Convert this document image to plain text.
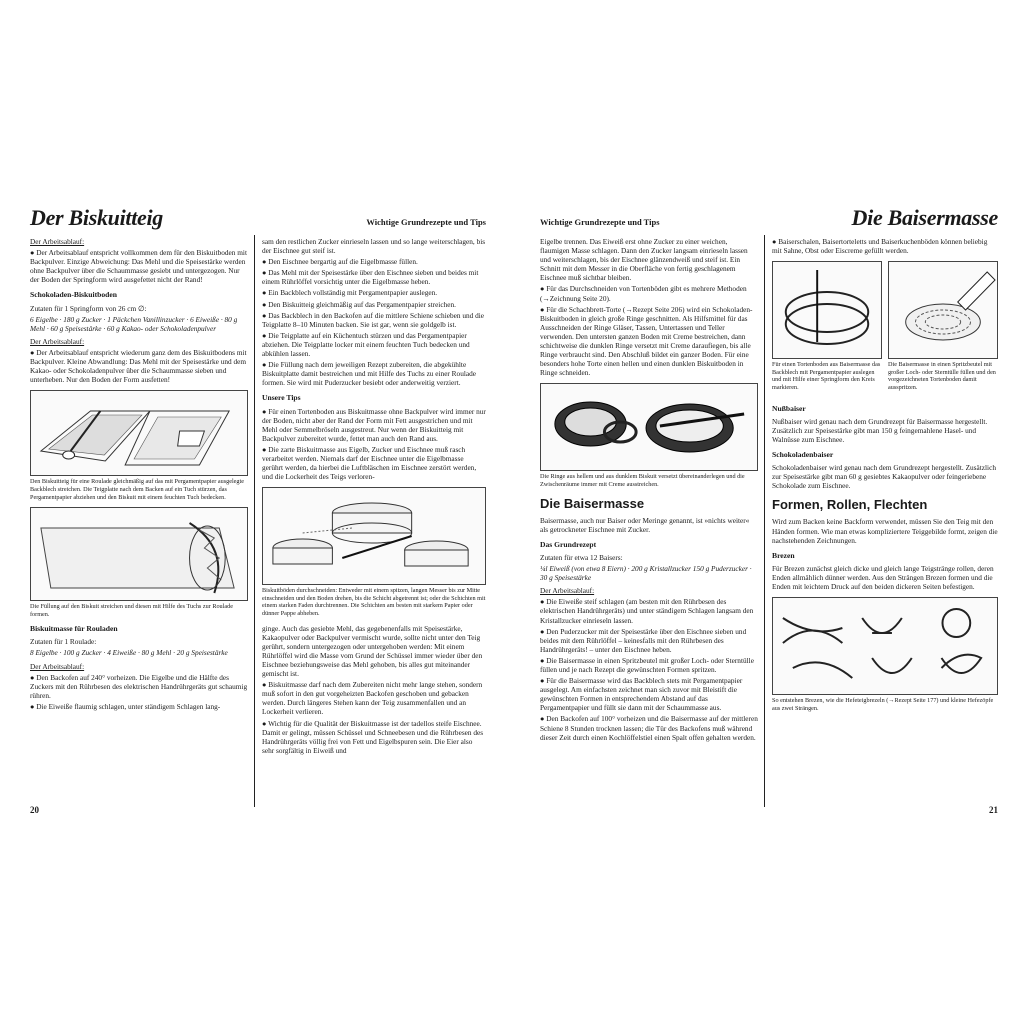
Der Biskuitteig	Wichtige Grundrezepte und Tips

Der Arbeitsablauf:

● Der Arbeitsablauf entspricht vollkommen dem für den Biskuitboden mit Backpulver. Einzige Abweichung: Das Mehl und die Speisestärke werden ohne Backpulver über die Schaummasse gesiebt und untergezogen. Nur der Boden der Springform wird ausgefettet nicht der Rand!

Schokoladen-Biskuitboden

Zutaten für 1 Springform von 26 cm ∅:

6 Eigelbe · 180 g Zucker · 1 Päckchen Vanillinzucker · 6 Eiweiße · 80 g Mehl · 60 g Speisestärke · 60 g Kakao- oder Schokoladenpulver

Der Arbeitsablauf:

● Der Arbeitsablauf entspricht wiederum ganz dem des Biskuitbodens mit Backpulver. Kleine Abwandlung: Das Mehl mit der Speisestärke und dem Kakao- oder Schokoladenpulver über die Schaummasse sieben und unterheben. Nur den Boden der Form ausfetten!

Den Biskuitteig für eine Roulade gleichmäßig auf das mit Pergamentpapier ausgelegte Backblech streichen. Die Teigplatte nach dem Backen auf ein Tuch stürzen, das Pergamentpapier abziehen und den Biskuit mit einem feuchten Tuch bedecken.

Die Füllung auf den Biskuit streichen und diesen mit Hilfe des Tuchs zur Roulade formen.

Biskuitmasse für Rouladen

Zutaten für 1 Roulade:

8 Eigelbe · 100 g Zucker · 4 Eiweiße · 80 g Mehl · 20 g Speisestärke

Der Arbeitsablauf:

● Den Backofen auf 240° vorheizen. Die Eigelbe und die Hälfte des Zuckers mit den Rührbesen des elektrischen Handrührgeräts gut schaumig rühren.

● Die Eiweiße flaumig schlagen, unter ständigem Schlagen lang-

sam den restlichen Zucker einrieseln lassen und so lange weiterschlagen, bis der Eischnee gut steif ist.

● Den Eischnee bergartig auf die Eigelbmasse füllen.

● Das Mehl mit der Speisestärke über den Eischnee sieben und beides mit einem Rührlöffel vorsichtig unter die Eigelbmasse heben.

● Ein Backblech vollständig mit Pergamentpapier auslegen.

● Den Biskuitteig gleichmäßig auf das Pergamentpapier streichen.

● Das Backblech in den Backofen auf die mittlere Schiene schieben und die Teigplatte 8–10 Minuten backen. Sie ist gar, wenn sie goldgelb ist.

● Die Teigplatte auf ein Küchentuch stürzen und das Pergamentpapier abziehen. Die Teigplatte locker mit einem feuchten Tuch bedecken und abkühlen lassen.

● Die Füllung nach dem jeweiligen Rezept zubereiten, die abgekühlte Biskuitplatte damit bestreichen und mit Hilfe des Tuchs zu einer Roulade formen. Sie wird mit Puderzucker besiebt oder anderweitig verziert.

Unsere Tips

● Für einen Tortenboden aus Biskuitmasse ohne Backpulver wird immer nur der Boden, nicht aber der Rand der Form mit Fett ausgestrichen und mit Mehl oder Semmelbröseln ausgestreut. Nur wenn der Biskuitteig mit Backpulver zubereitet wurde, fettet man auch den Rand aus.

● Die zarte Biskuitmasse aus Eigelb, Zucker und Eischnee muß rasch verarbeitet werden. Niemals darf der Eischnee unter die Eigelbmasse gerührt werden, da hierbei die Luftbläschen im Eischnee zerstört werden, und die Lockerheit des Teigs verloren-

Biskuitböden durchschneiden: Entweder mit einem spitzen, langen Messer bis zur Mitte einschneiden und den Boden drehen, bis die Schicht abgetrennt ist; oder die Schichten mit einem starken Faden durchtrennen. Die Schichten am besten mit starkem Papier oder dünner Pappe abheben.

ginge. Auch das gesiebte Mehl, das gegebenenfalls mit Speisestärke, Kakaopulver oder Backpulver vermischt wurde, sollte nicht unter den Teig gerührt, sondern untergezogen oder untergehoben werden: Mit einem Rührlöffel wird die Masse vom Grund der Schüssel immer wieder über den Eischnee beziehungsweise das Mehl gehoben, bis alles gut miteinander gemischt ist.

● Biskuitmasse darf nach dem Zubereiten nicht mehr lange stehen, sondern muß sofort in den gut vorgeheizten Backofen geschoben und gebacken werden. Durch längeres Stehen kann der Teig zusammenfallen und an Lockerheit verlieren.

● Wichtig für die Qualität der Biskuitmasse ist der tadellos steife Eischnee. Damit er gelingt, müssen Schüssel und Schneebesen und die Rührbesen des Handrührgeräts völlig frei von Fett und Eigelbspuren sein. Die Eier also sehr sorgfältig in Eiweiß und

20
Wichtige Grundrezepte und Tips	Die Baisermasse

Eigelbe trennen. Das Eiweiß erst ohne Zucker zu einer weichen, flaumigen Masse schlagen. Dann den Zucker langsam einrieseln lassen und weiterschlagen, bis der Eischnee glänzendweiß und steif ist. Ein Schnitt mit dem Messer in die Oberfläche von fertig geschlagenem Eischnee muß sichtbar bleiben.

● Für das Durchschneiden von Tortenböden gibt es mehrere Methoden (→Zeichnung Seite 20).

● Für die Schachbrett-Torte (→Rezept Seite 206) wird ein Schokoladen-Biskuitboden in gleich große Ringe geschnitten. Als Hilfsmittel für das Ausschneiden der Ringe Gläser, Tassen, Untertassen und Teller verwenden. Den untersten ganzen Boden mit Creme bestreichen, dann schichtweise die dunklen Ringe versetzt mit Creme daraufiegen, bis alle Ringe verbraucht sind. Den Abschluß bildet ein ganzer Boden. Für eine besonders hohe Torte einen hellen und einen dunklen Biskuitboden in Ringe schneiden.

Die Ringe aus hellem und aus dunklem Biskuit versetzt übereinanderlegen und die Zwischenräume immer mit Creme ausstreichen.

Die Baisermasse

Baisermasse, auch nur Baiser oder Meringe genannt, ist »nichts weiter« als getrockneter Eischnee mit Zucker.

Das Grundrezept

Zutaten für etwa 12 Baisers:

¼l Eiweiß (von etwa 8 Eiern) · 200 g Kristallzucker 150 g Puderzucker · 30 g Speisestärke

Der Arbeitsablauf:

● Die Eiweiße steif schlagen (am besten mit den Rührbesen des elektrischen Handrührgeräts) und unter ständigem Schlagen langsam den Kristallzucker einrieseln lassen.

● Den Puderzucker mit der Speisestärke über den Eischnee sieben und beides mit dem Rührlöffel – keinesfalls mit den Rührbesen des Handrührgeräts! – unter den Eischnee heben.

● Die Baisermasse in einen Spritzbeutel mit großer Loch- oder Sterntülle füllen und je nach Rezept die gewünschten Formen spritzen.

● Für die Baisermasse wird das Backblech stets mit Pergamentpapier ausgelegt. Am einfachsten zeichnet man sich zuvor mit Bleistift die gewünschten Formen in entsprechendem Abstand auf das Pergamentpapier und füllt sie dann mit der Schaummasse aus.

● Den Backofen auf 100° vorheizen und die Baisermasse auf der mittleren Schiene 8 Stunden trocknen lassen; die Tür des Backofens muß während dieser Zeit durch einen Kochlöffelstiel einen Spalt offen gehalten werden.

● Baiserschalen, Baisertorteletts und Baiserkuchenböden können beliebig mit Sahne, Obst oder Eiscreme gefüllt werden.

Für einen Tortenboden aus Baisermasse das Backblech mit Pergamentpapier auslegen und mit Hilfe einer Springform den Kreis markieren.

Die Baisermasse in einen Spritzbeutel mit großer Loch- oder Sterntülle füllen und den vorgezeichneten Tortenboden damit ausspritzen.

Nußbaiser

Nußbaiser wird genau nach dem Grundrezept für Baisermasse hergestellt. Zusätzlich zur Speisestärke gibt man 150 g feingemahlene Hasel- und Walnüsse zum Eischnee.

Schokoladenbaiser

Schokoladenbaiser wird genau nach dem Grundrezept hergestellt. Zusätzlich zur Speisestärke gibt man 60 g gesiebtes Kakaopulver oder feingeriebene Schokolade zum Eischnee.

Formen, Rollen, Flechten

Wird zum Backen keine Backform verwendet, müssen Sie den Teig mit den Händen formen. Wie man etwas kompliziertere Teiggebilde formt, zeigen die nachstehenden Zeichnungen.

Brezen

Für Brezen zunächst gleich dicke und gleich lange Teigstränge rollen, deren Enden allmählich dünner werden. Aus den Strängen Brezen formen und die Enden mit leichtem Druck auf den beiden dickeren Seiten befestigen.

So entstehen Brezen, wie die Hefeteigbrezeln (→Rezept Seite 177) und kleine Hefezöpfe aus zwei Strängen.

21
